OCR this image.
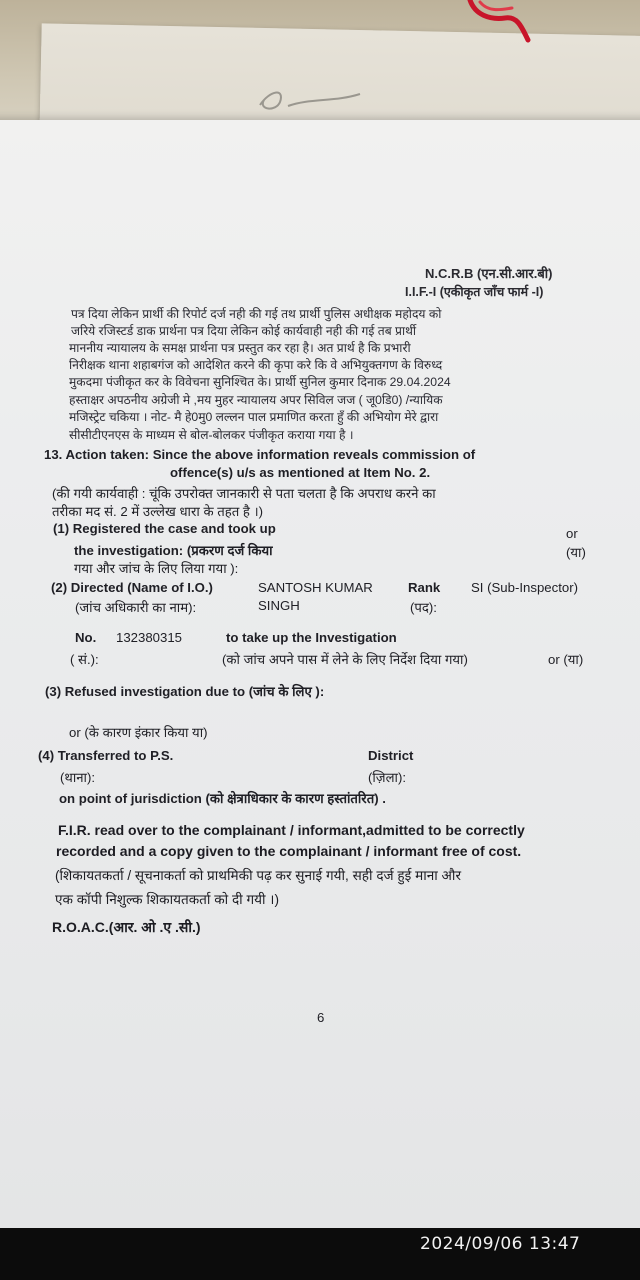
N.C.R.B (एन.सी.आर.बी)
I.I.F.-I (एकीकृत जाँच फार्म -I)
पत्र दिया लेकिन प्रार्थी की रिपोर्ट दर्ज नही की गई तथ प्रार्थी पुलिस अधीक्षक महोदय को
जरिये रजिस्टर्ड डाक प्रार्थना पत्र दिया लेकिन कोई कार्यवाही नही की गई तब प्रार्थी
माननीय न्यायालय के समक्ष प्रार्थना पत्र प्रस्तुत कर रहा है। अत प्रार्थ है कि प्रभारी
निरीक्षक थाना शहाबगंज को आदेशित करने की कृपा करे कि वे अभियुक्तगण के विरुध्द
मुकदमा पंजीकृत कर के विवेचना सुनिश्चित के। प्रार्थी सुनिल कुमार दिनाक 29.04.2024
हस्ताक्षर अपठनीय अग्रेजी मे ,मय मुहर न्यायालय अपर सिविल जज ( जू0डि0) /न्यायिक
मजिस्ट्रेट चकिया । नोट- मै हे0मु0 लल्लन पाल प्रमाणित करता हुँ की अभियोग मेरे द्वारा
सीसीटीएनएस के माध्यम से बोल-बोलकर पंजीकृत कराया गया है ।
13. Action taken: Since the above information reveals commission of
offence(s) u/s as mentioned at Item No. 2.
(की गयी कार्यवाही : चूंकि उपरोक्त जानकारी से पता चलता है कि अपराध करने का
तरीका मद सं. 2 में उल्लेख धारा के तहत है ।)
(1) Registered the case and took up
the investigation: (प्रकरण दर्ज किया
गया और जांच के लिए लिया गया ):
or
(या)
(2) Directed (Name of I.O.)
(जांच अधिकारी का नाम):
SANTOSH KUMAR
SINGH
Rank
(पद):
SI (Sub-Inspector)
No. 132380315
( सं.):
to take up the Investigation
(को जांच अपने पास में लेने के लिए निर्देश दिया गया)	or (या)
(3) Refused investigation due to (जांच के लिए ):
or (के कारण इंकार किया या)
(4) Transferred to P.S.
(थाना):
District
(ज़िला):
on point of jurisdiction (को क्षेत्राधिकार के कारण हस्तांतरित) .
F.I.R. read over to the complainant / informant,admitted to be correctly
recorded and a copy given to the complainant / informant free of cost.
(शिकायतकर्ता / सूचनाकर्ता को प्राथमिकी पढ़ कर सुनाई गयी, सही दर्ज हुई माना और
एक कॉपी निशुल्क शिकायतकर्ता को दी गयी ।)
R.O.A.C.(आर. ओ .ए .सी.)
6
2024/09/06 13:47
